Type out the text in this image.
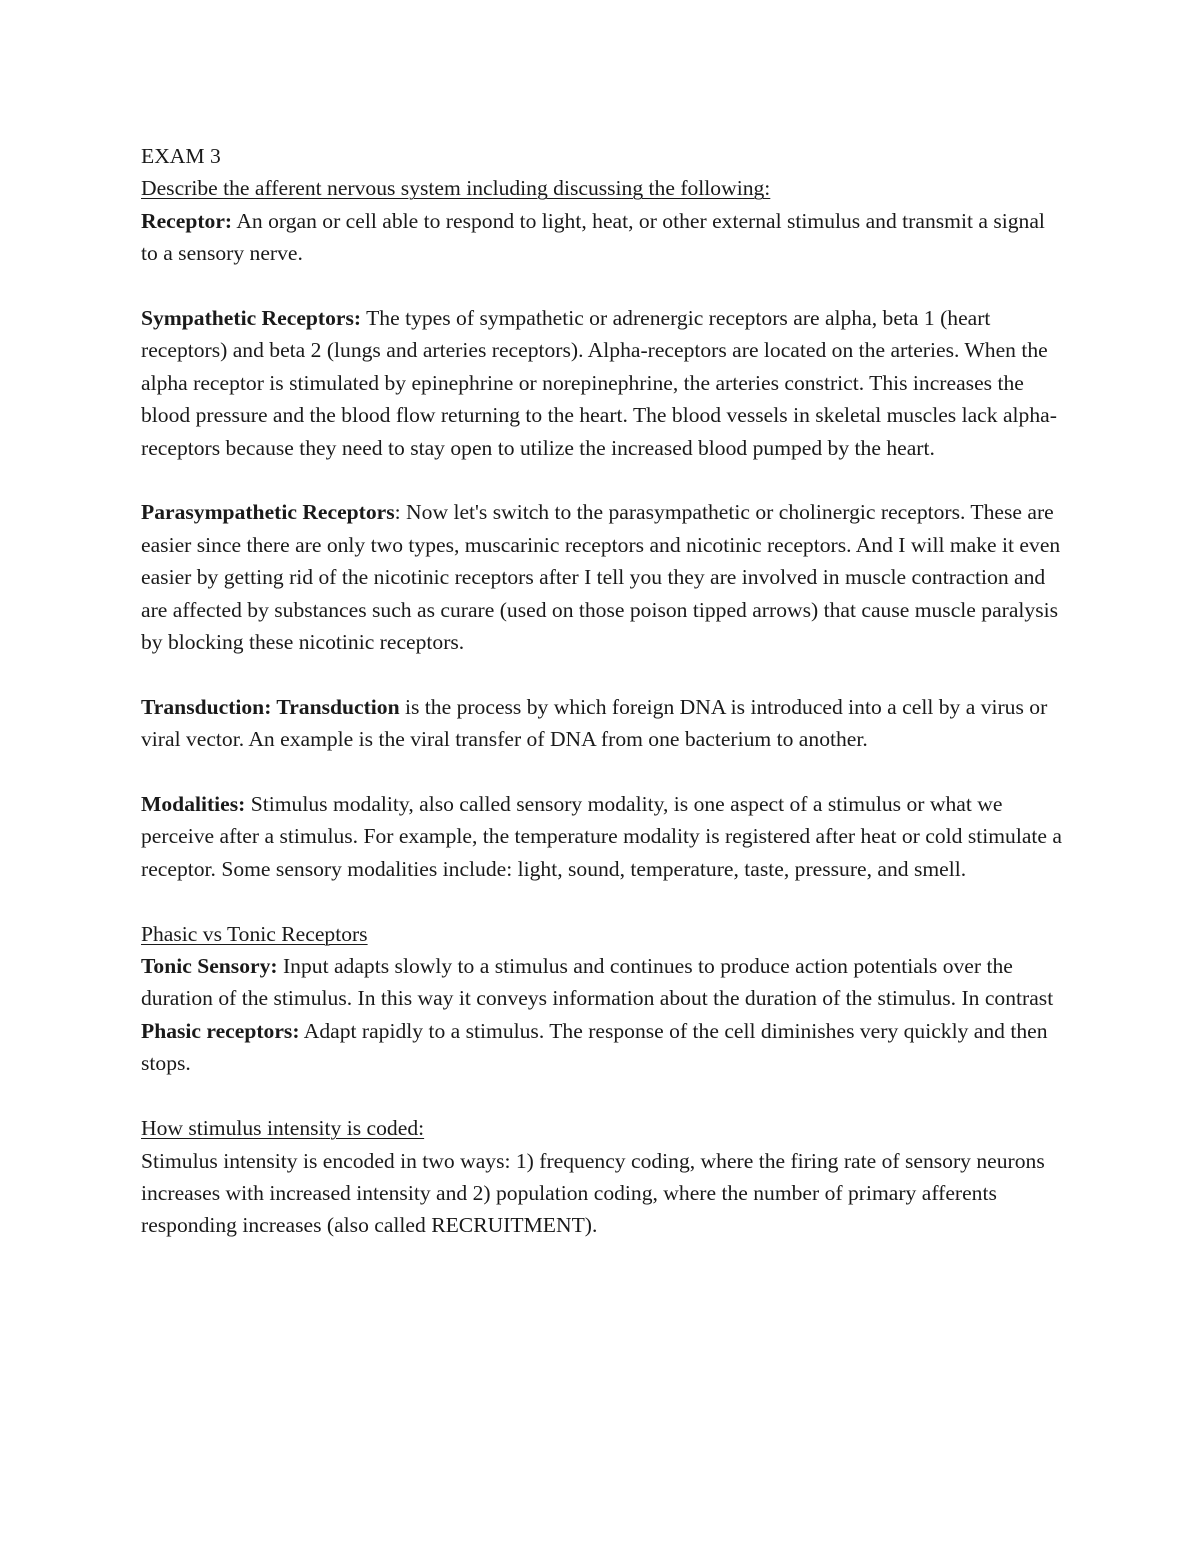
EXAM 3

Describe the afferent nervous system including discussing the following:

Receptor: An organ or cell able to respond to light, heat, or other external stimulus and transmit a signal to a sensory nerve.

Sympathetic Receptors: The types of sympathetic or adrenergic receptors are alpha, beta 1 (heart receptors) and beta 2 (lungs and arteries receptors). Alpha-receptors are located on the arteries. When the alpha receptor is stimulated by epinephrine or norepinephrine, the arteries constrict. This increases the blood pressure and the blood flow returning to the heart. The blood vessels in skeletal muscles lack alpha-receptors because they need to stay open to utilize the increased blood pumped by the heart.

Parasympathetic Receptors: Now let's switch to the parasympathetic or cholinergic receptors. These are easier since there are only two types, muscarinic receptors and nicotinic receptors. And I will make it even easier by getting rid of the nicotinic receptors after I tell you they are involved in muscle contraction and are affected by substances such as curare (used on those poison tipped arrows) that cause muscle paralysis by blocking these nicotinic receptors.

Transduction: Transduction is the process by which foreign DNA is introduced into a cell by a virus or viral vector. An example is the viral transfer of DNA from one bacterium to another.

Modalities: Stimulus modality, also called sensory modality, is one aspect of a stimulus or what we perceive after a stimulus. For example, the temperature modality is registered after heat or cold stimulate a receptor. Some sensory modalities include: light, sound, temperature, taste, pressure, and smell.

Phasic vs Tonic Receptors

Tonic Sensory: Input adapts slowly to a stimulus and continues to produce action potentials over the duration of the stimulus. In this way it conveys information about the duration of the stimulus. In contrast

Phasic receptors: Adapt rapidly to a stimulus. The response of the cell diminishes very quickly and then stops.

How stimulus intensity is coded:

Stimulus intensity is encoded in two ways: 1) frequency coding, where the firing rate of sensory neurons increases with increased intensity and 2) population coding, where the number of primary afferents responding increases (also called RECRUITMENT).
